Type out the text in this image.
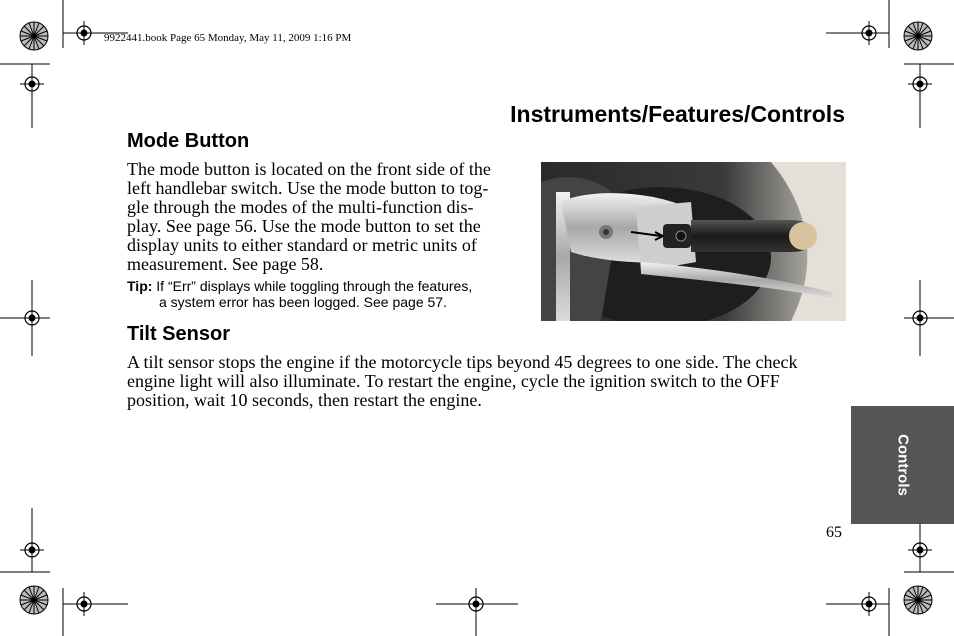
9922441.book Page 65 Monday, May 11, 2009 1:16 PM
Instruments/Features/Controls
Mode Button
The mode button is located on the front side of the
left handlebar switch. Use the mode button to tog-
gle through the modes of the multi-function dis-
play. See page 56. Use the mode button to set the
display units to either standard or metric units of
measurement. See page 58.
Tip: If “Err” displays while toggling through the features,
a system error has been logged. See page 57.
Tilt Sensor
A tilt sensor stops the engine if the motorcycle tips beyond 45 degrees to one side. The check
engine light will also illuminate. To restart the engine, cycle the ignition switch to the OFF
position, wait 10 seconds, then restart the engine.
Controls
65
